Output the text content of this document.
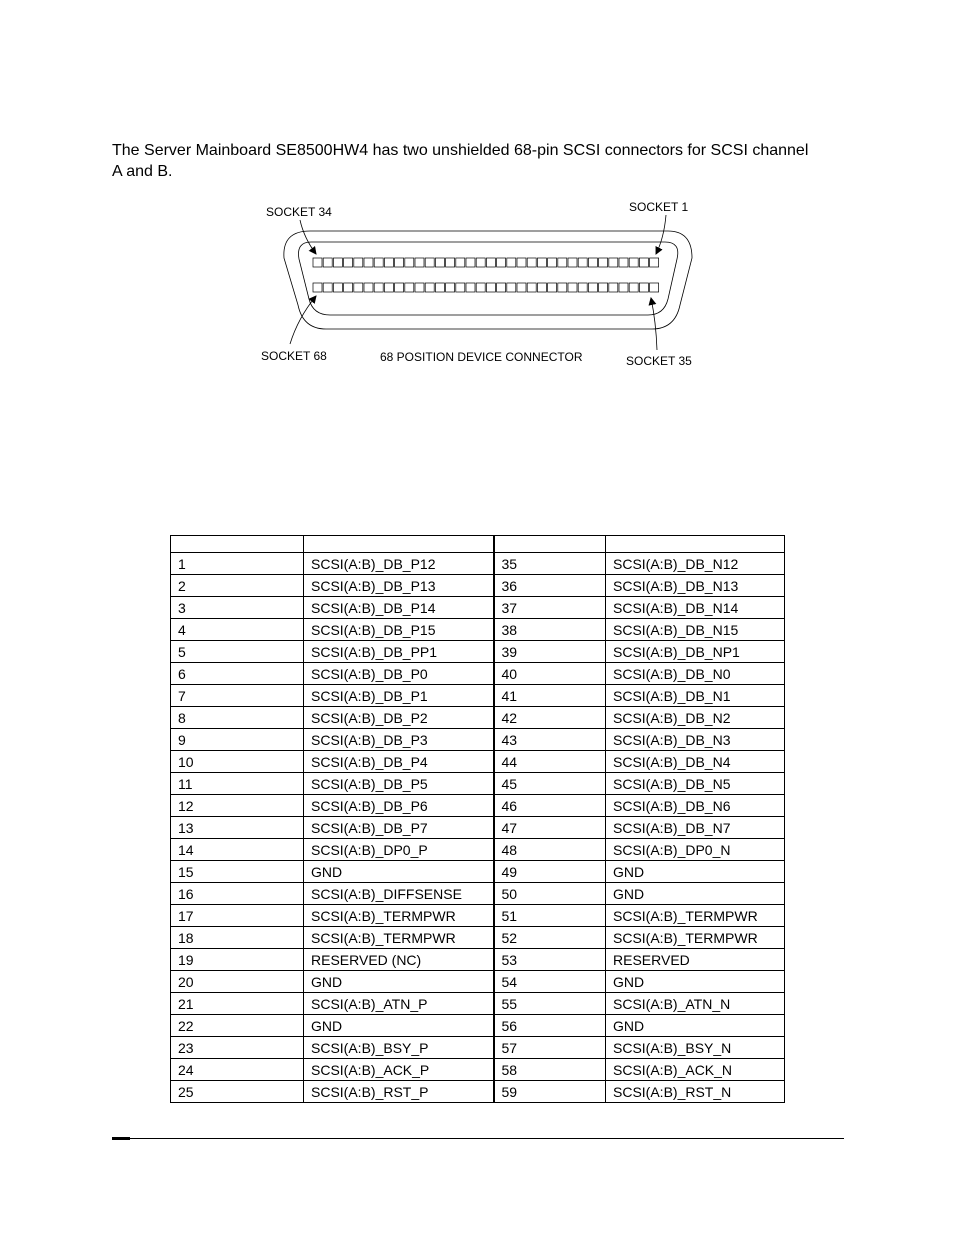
The Server Mainboard SE8500HW4 has two unshielded 68-pin SCSI connectors for SCSI channel A and B.

SOCKET 34	SOCKET 1
SOCKET 68	68 POSITION DEVICE CONNECTOR	SOCKET 35

1	SCSI(A:B)_DB_P12	35	SCSI(A:B)_DB_N12
2	SCSI(A:B)_DB_P13	36	SCSI(A:B)_DB_N13
3	SCSI(A:B)_DB_P14	37	SCSI(A:B)_DB_N14
4	SCSI(A:B)_DB_P15	38	SCSI(A:B)_DB_N15
5	SCSI(A:B)_DB_PP1	39	SCSI(A:B)_DB_NP1
6	SCSI(A:B)_DB_P0	40	SCSI(A:B)_DB_N0
7	SCSI(A:B)_DB_P1	41	SCSI(A:B)_DB_N1
8	SCSI(A:B)_DB_P2	42	SCSI(A:B)_DB_N2
9	SCSI(A:B)_DB_P3	43	SCSI(A:B)_DB_N3
10	SCSI(A:B)_DB_P4	44	SCSI(A:B)_DB_N4
11	SCSI(A:B)_DB_P5	45	SCSI(A:B)_DB_N5
12	SCSI(A:B)_DB_P6	46	SCSI(A:B)_DB_N6
13	SCSI(A:B)_DB_P7	47	SCSI(A:B)_DB_N7
14	SCSI(A:B)_DP0_P	48	SCSI(A:B)_DP0_N
15	GND	49	GND
16	SCSI(A:B)_DIFFSENSE	50	GND
17	SCSI(A:B)_TERMPWR	51	SCSI(A:B)_TERMPWR
18	SCSI(A:B)_TERMPWR	52	SCSI(A:B)_TERMPWR
19	RESERVED (NC)	53	RESERVED
20	GND	54	GND
21	SCSI(A:B)_ATN_P	55	SCSI(A:B)_ATN_N
22	GND	56	GND
23	SCSI(A:B)_BSY_P	57	SCSI(A:B)_BSY_N
24	SCSI(A:B)_ACK_P	58	SCSI(A:B)_ACK_N
25	SCSI(A:B)_RST_P	59	SCSI(A:B)_RST_N
